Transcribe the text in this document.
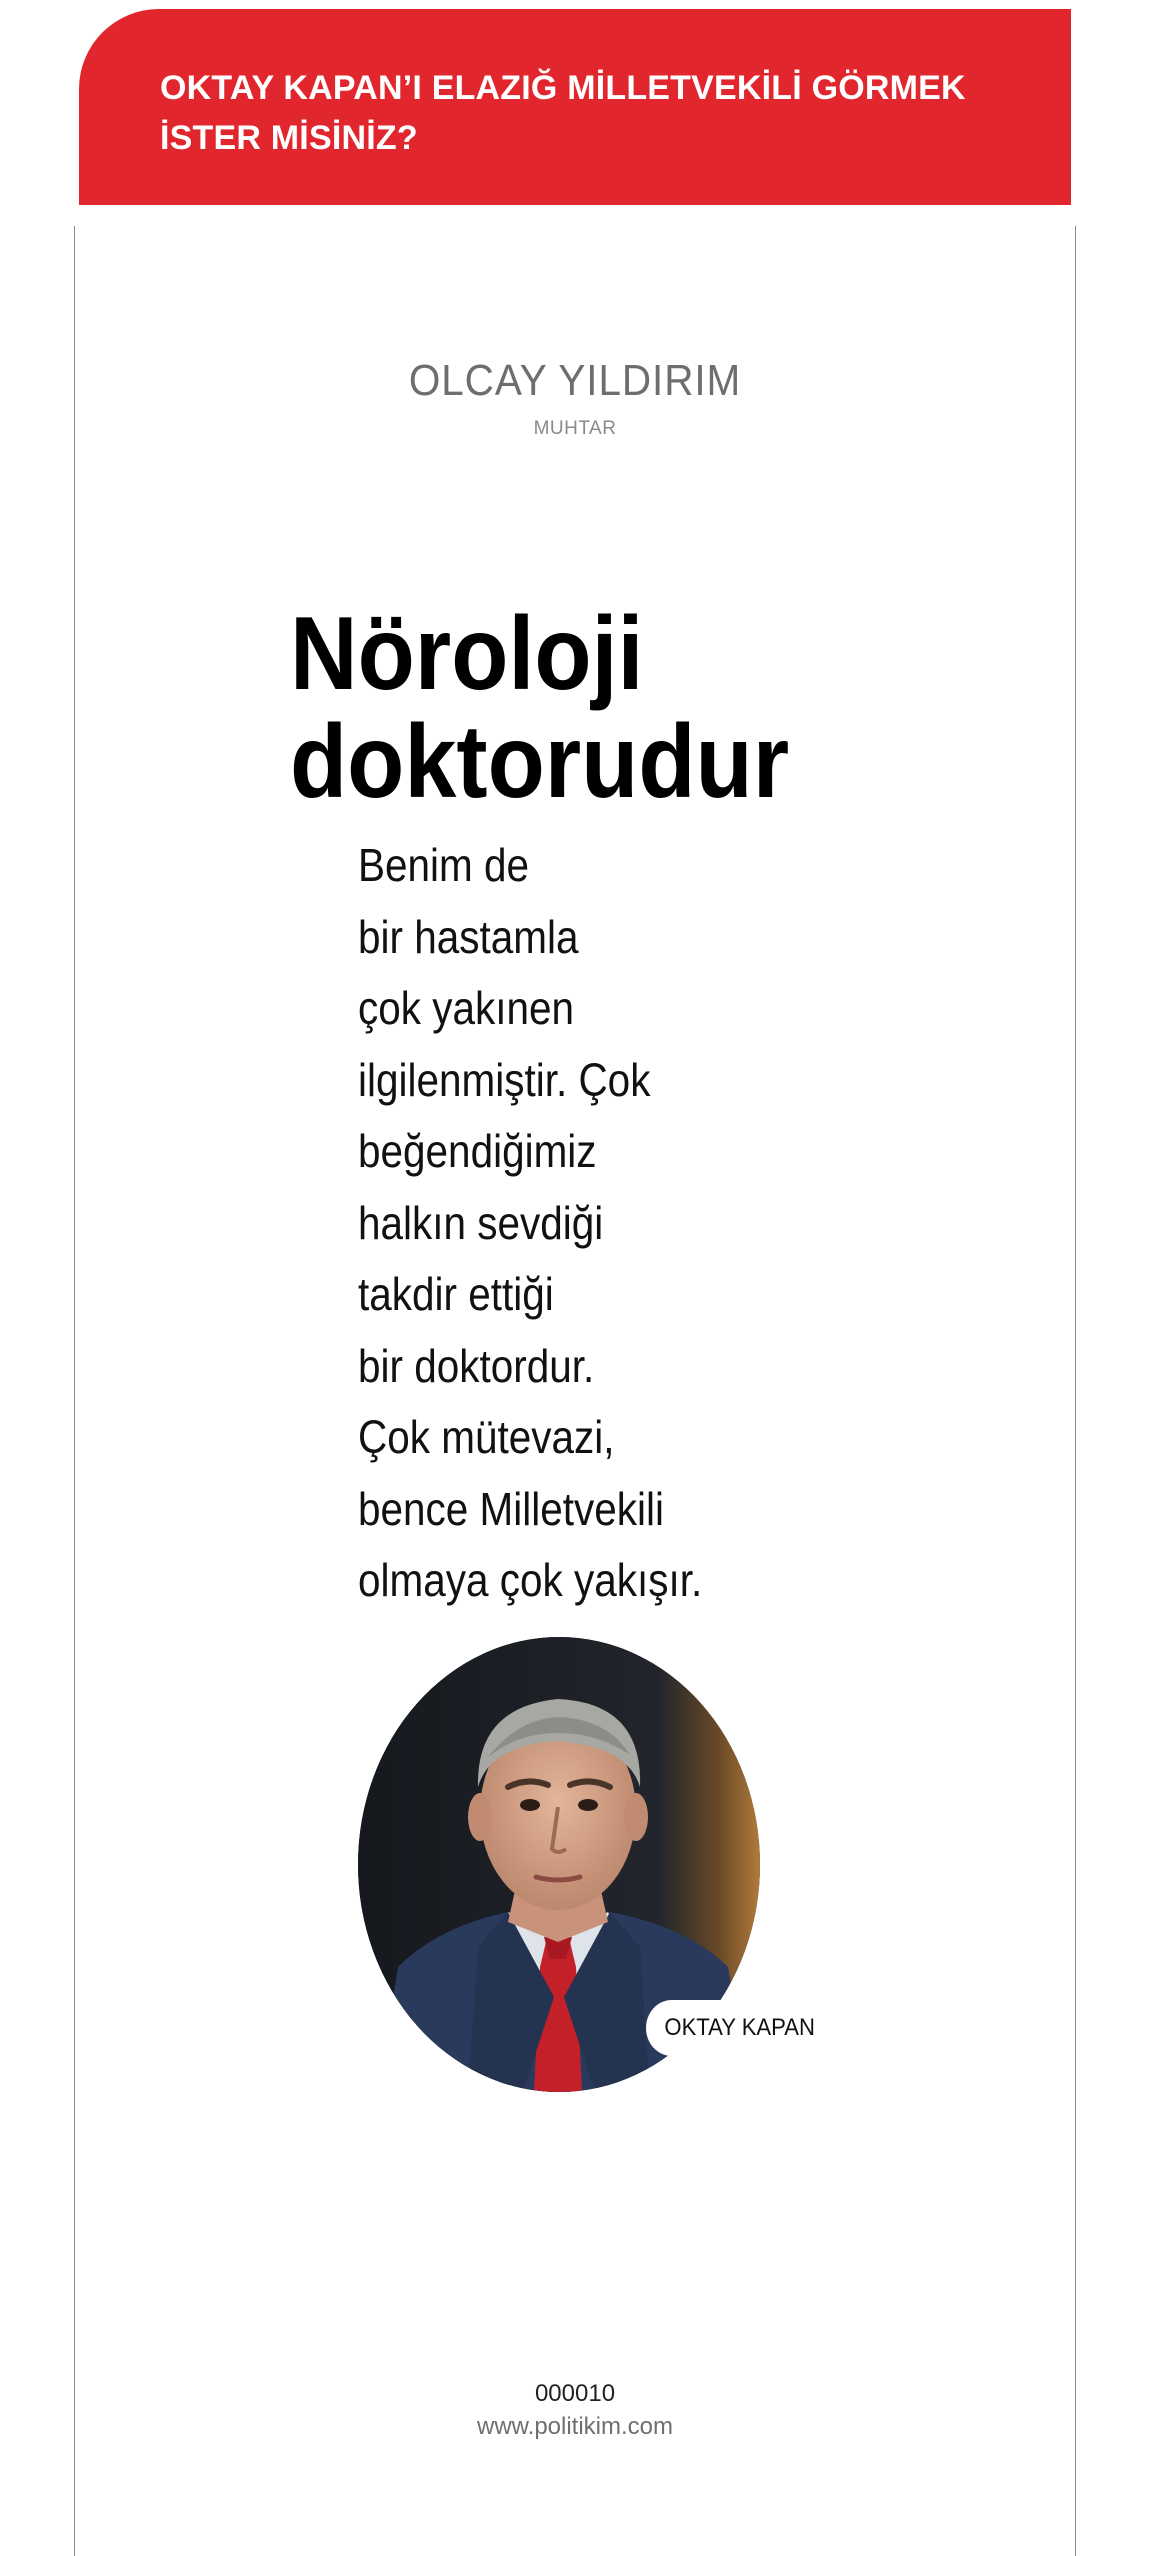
OKTAY KAPAN’I ELAZIĞ MİLLETVEKİLİ GÖRMEK
İSTER MİSİNİZ?

OLCAY YILDIRIM
MUHTAR
Nöroloji
doktorudur

Benim de
bir hastamla
çok yakınen
ilgilenmiştir. Çok
beğendiğimiz
halkın sevdiği
takdir ettiği
bir doktordur.
Çok mütevazi,
bence Milletvekili
olmaya çok yakışır.

OKTAY KAPAN
000010
www.politikim.com
